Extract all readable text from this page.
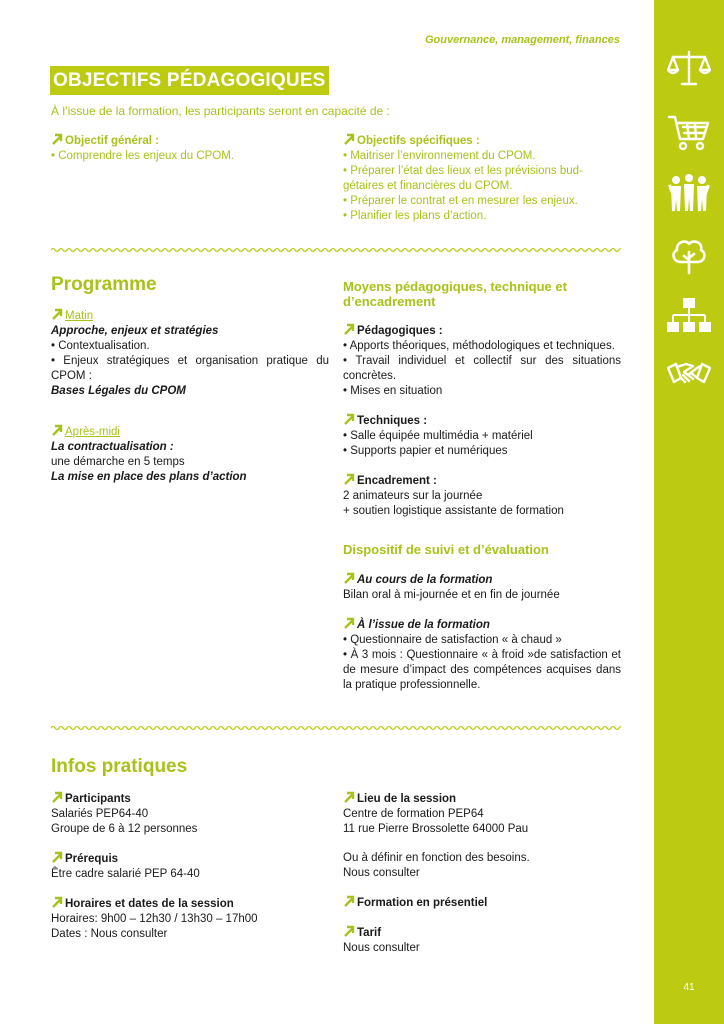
41
Gouvernance, management, finances
OBJECTIFS PÉDAGOGIQUES
À l’issue de la formation, les participants seront en capacité de :
Objectif général :
• Comprendre les enjeux du CPOM.
Objectifs spécifiques :
• Maitriser l’environnement du CPOM.
• Préparer l’état des lieux et les prévisions bud-
gétaires et financières du CPOM.
• Préparer le contrat et en mesurer les enjeux.
• Planifier les plans d’action.
Programme
Matin
Approche, enjeux et stratégies
• Contextualisation.
• Enjeux stratégiques et organisation pratique du CPOM :
Bases Légales du CPOM
Après-midi
La contractualisation :
une démarche en 5 temps
La mise en place des plans d’action
Moyens pédagogiques, technique et
d’encadrement
Pédagogiques :
• Apports théoriques, méthodologiques et techniques.
• Travail individuel et collectif sur des situations concrètes.
• Mises en situation
Techniques :
• Salle équipée multimédia + matériel
• Supports papier et numériques
Encadrement :
2 animateurs sur la journée
+ soutien logistique assistante de formation
Dispositif de suivi et d’évaluation
Au cours de la formation
Bilan oral à mi-journée et en fin de journée
À l’issue de la formation
• Questionnaire de satisfaction « à chaud »
• À 3 mois : Questionnaire « à froid »de satisfaction et de mesure d’impact des compétences acquises dans la pratique professionnelle.
Infos pratiques
Participants
Salariés PEP64-40
Groupe de 6 à 12 personnes
Prérequis
Être cadre salarié PEP 64-40
Horaires et dates de la session
Horaires: 9h00 – 12h30 / 13h30 – 17h00
Dates : Nous consulter
Lieu de la session
Centre de formation PEP64
11 rue Pierre Brossolette 64000 Pau
Ou à définir en fonction des besoins.
Nous consulter
Formation en présentiel
Tarif
Nous consulter
